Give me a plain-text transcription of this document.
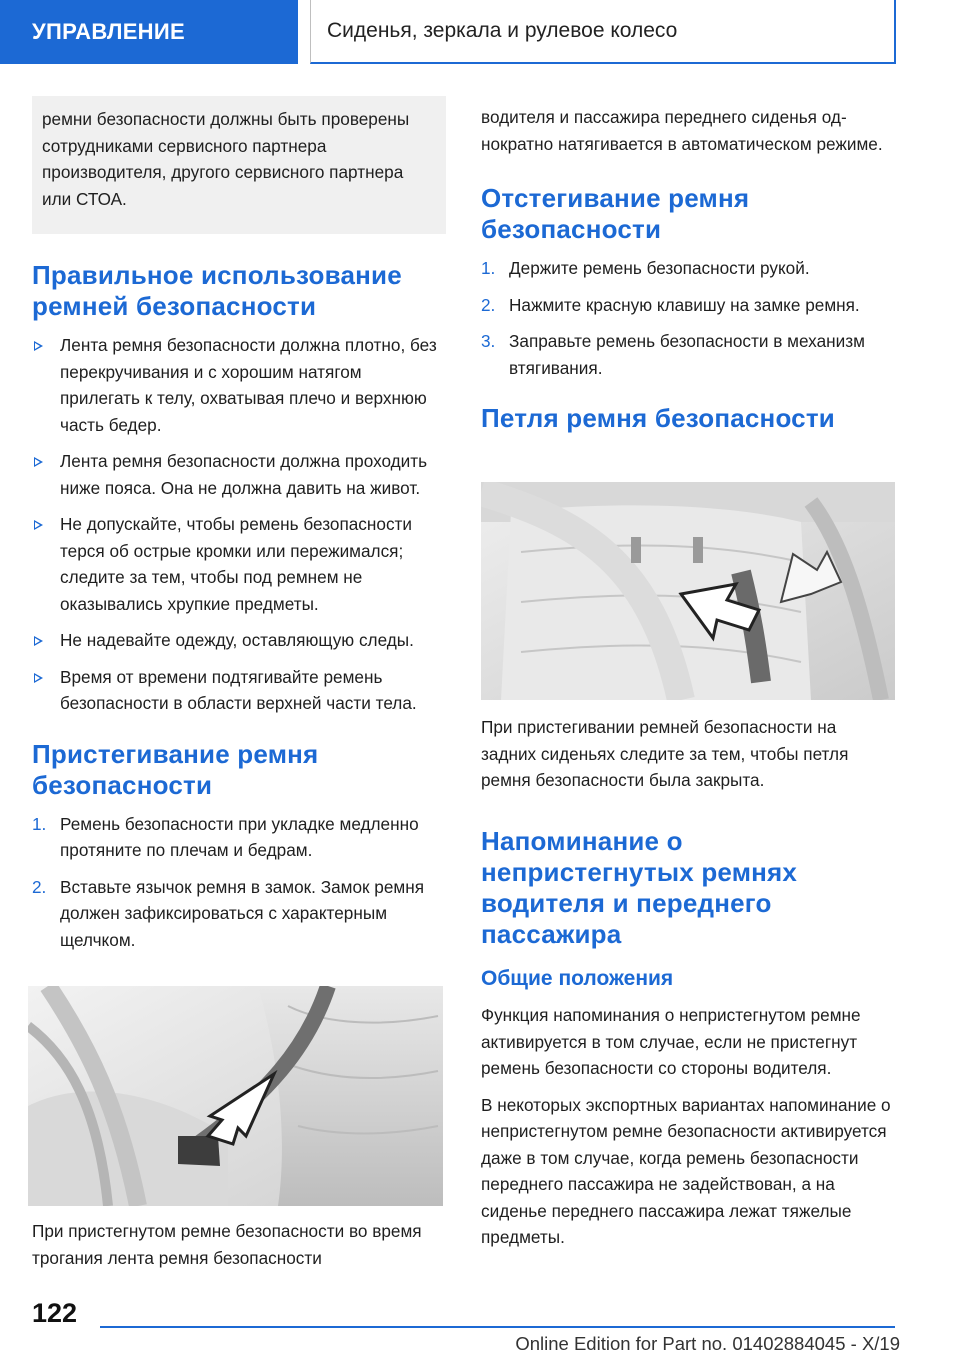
УПРАВЛЕНИЕ	Сиденья, зеркала и рулевое колесо
ремни безопасности должны быть проверены сотрудниками сервисного партнера производителя, другого сервисного партнера или СТОА.
Правильное использование ремней безопасности
Лента ремня безопасности должна плотно, без перекручивания и с хорошим натягом прилегать к телу, охватывая плечо и верхнюю часть бедер.
Лента ремня безопасности должна проходить ниже пояса. Она не должна давить на живот.
Не допускайте, чтобы ремень безопасности терся об острые кромки или пережимался; следите за тем, чтобы под ремнем не оказывались хрупкие предметы.
Не надевайте одежду, оставляющую следы.
Время от времени подтягивайте ремень безопасности в области верхней части тела.
Пристегивание ремня безопасности
1. Ремень безопасности при укладке медленно протяните по плечам и бедрам.
2. Вставьте язычок ремня в замок. Замок ремня должен зафиксироваться с характерным щелчком.

При пристегнутом ремне безопасности во время трогания лента ремня безопасности

водителя и пассажира переднего сиденья однократно натягивается в автоматическом режиме.

Отстегивание ремня безопасности
1. Держите ремень безопасности рукой.
2. Нажмите красную клавишу на замке ремня.
3. Заправьте ремень безопасности в механизм втягивания.
Петля ремня безопасности

При пристегивании ремней безопасности на задних сиденьях следите за тем, чтобы петля ремня безопасности была закрыта.

Напоминание о непристегнутых ремнях водителя и переднего пассажира
Общие положения

Функция напоминания о непристегнутом ремне активируется в том случае, если не пристегнут ремень безопасности со стороны водителя.

В некоторых экспортных вариантах напоминание о непристегнутом ремне безопасности активируется даже в том случае, когда ремень безопасности переднего пассажира не задействован, а на сиденье переднего пассажира лежат тяжелые предметы.

122
Online Edition for Part no. 01402884045 - X/19
